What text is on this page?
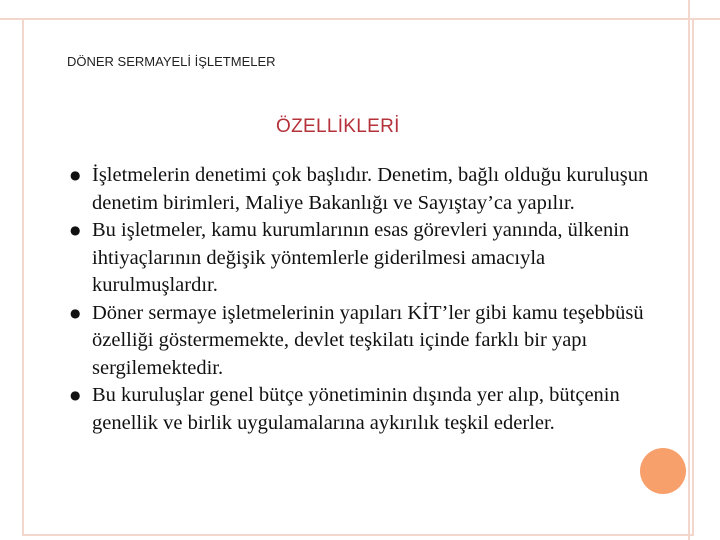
DÖNER SERMAYELİ İŞLETMELER
ÖZELLİKLERİ
● İşletmelerin denetimi çok başlıdır. Denetim, bağlı olduğu kuruluşun denetim birimleri, Maliye Bakanlığı ve Sayıştay’ca yapılır.
● Bu işletmeler, kamu kurumlarının esas görevleri yanında, ülkenin ihtiyaçlarının değişik yöntemlerle giderilmesi amacıyla kurulmuşlardır.
● Döner sermaye işletmelerinin yapıları KİT’ler gibi kamu teşebbüsü özelliği göstermemekte, devlet teşkilatı içinde farklı bir yapı sergilemektedir.
● Bu kuruluşlar genel bütçe yönetiminin dışında yer alıp, bütçenin genellik ve birlik uygulamalarına aykırılık teşkil ederler.
